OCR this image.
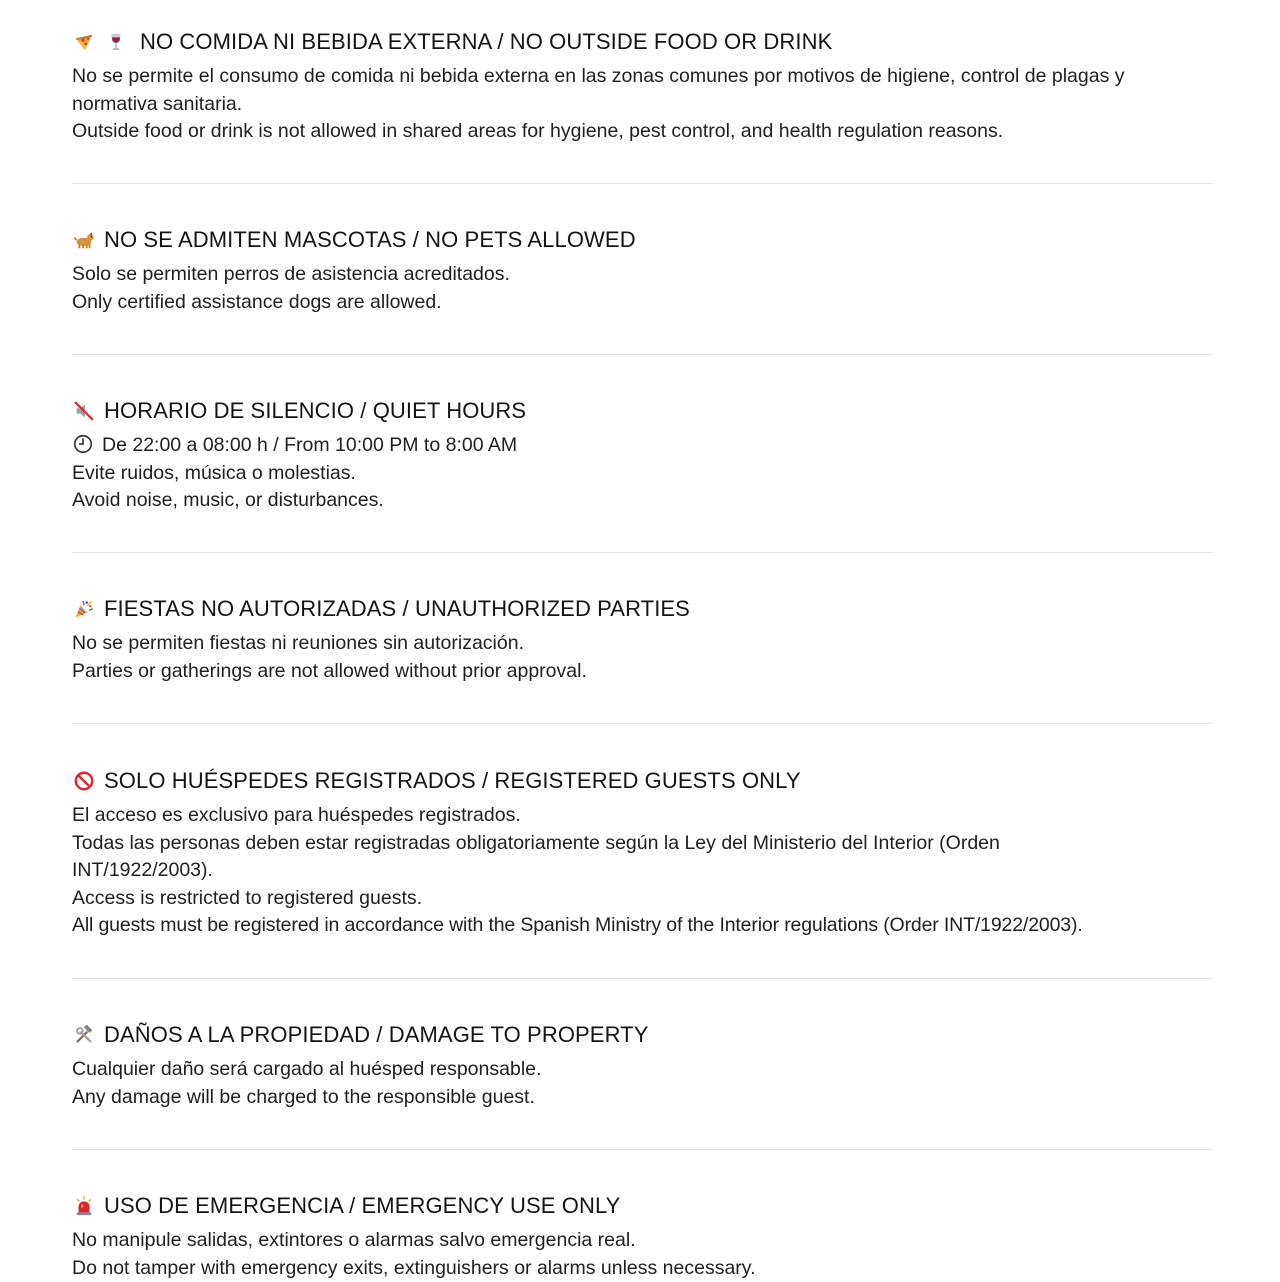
NO COMIDA NI BEBIDA EXTERNA / NO OUTSIDE FOOD OR DRINK
No se permite el consumo de comida ni bebida externa en las zonas comunes por motivos de higiene, control de plagas y normativa sanitaria.
Outside food or drink is not allowed in shared areas for hygiene, pest control, and health regulation reasons.
NO SE ADMITEN MASCOTAS / NO PETS ALLOWED
Solo se permiten perros de asistencia acreditados.
Only certified assistance dogs are allowed.
HORARIO DE SILENCIO / QUIET HOURS
De 22:00 a 08:00 h / From 10:00 PM to 8:00 AM
Evite ruidos, música o molestias.
Avoid noise, music, or disturbances.
FIESTAS NO AUTORIZADAS / UNAUTHORIZED PARTIES
No se permiten fiestas ni reuniones sin autorización.
Parties or gatherings are not allowed without prior approval.
SOLO HUÉSPEDES REGISTRADOS / REGISTERED GUESTS ONLY
El acceso es exclusivo para huéspedes registrados.
Todas las personas deben estar registradas obligatoriamente según la Ley del Ministerio del Interior (Orden INT/1922/2003).
Access is restricted to registered guests.
All guests must be registered in accordance with the Spanish Ministry of the Interior regulations (Order INT/1922/2003).
DAÑOS A LA PROPIEDAD / DAMAGE TO PROPERTY
Cualquier daño será cargado al huésped responsable.
Any damage will be charged to the responsible guest.
USO DE EMERGENCIA / EMERGENCY USE ONLY
No manipule salidas, extintores o alarmas salvo emergencia real.
Do not tamper with emergency exits, extinguishers or alarms unless necessary.
